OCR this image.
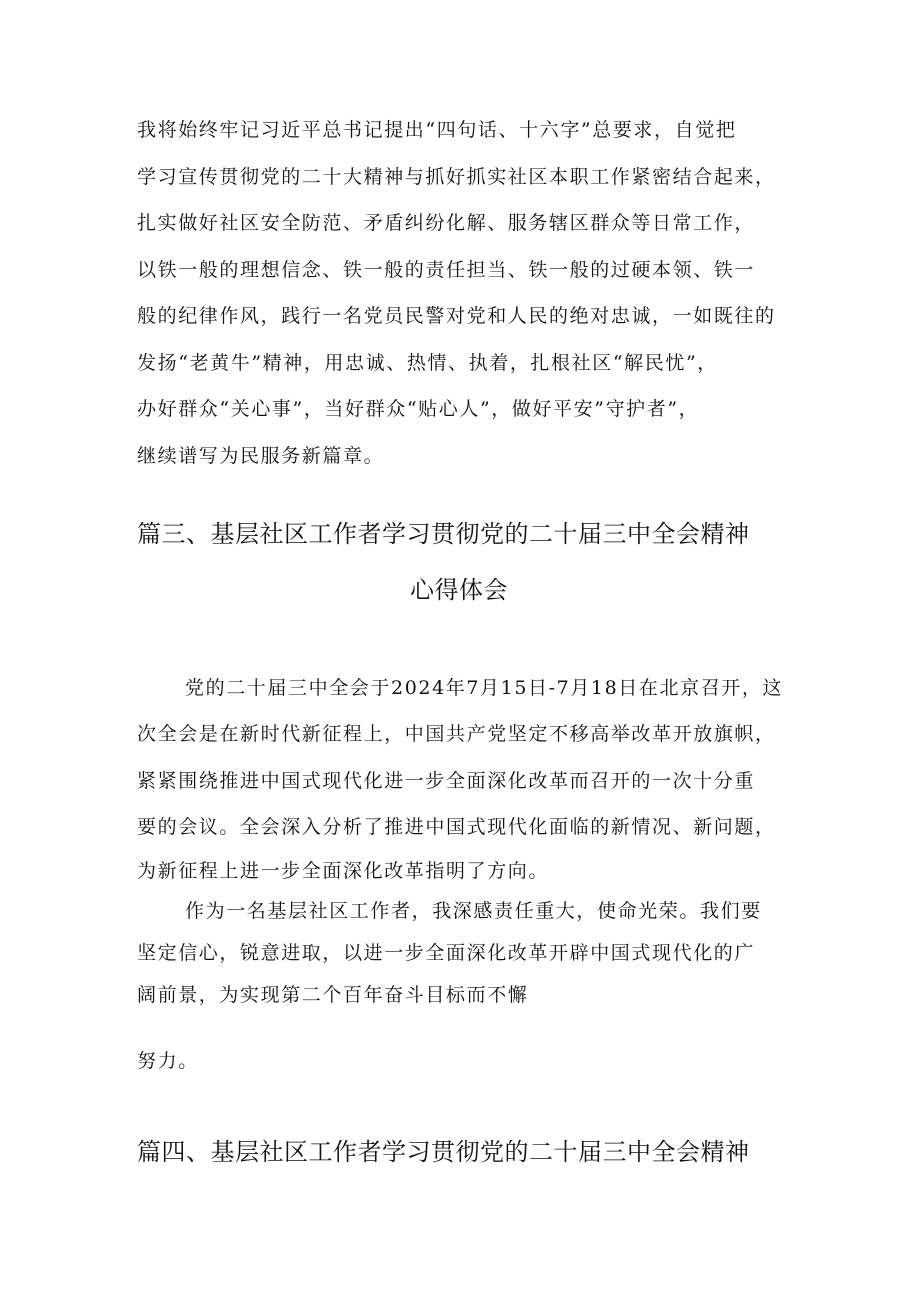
我将始终牢记习近平总书记提出“四句话、十六字”总要求，自觉把
学习宣传贯彻党的二十大精神与抓好抓实社区本职工作紧密结合起来，
扎实做好社区安全防范、矛盾纠纷化解、服务辖区群众等日常工作，
以铁一般的理想信念、铁一般的责任担当、铁一般的过硬本领、铁一
般的纪律作风，践行一名党员民警对党和人民的绝对忠诚，一如既往的
发扬“老黄牛”精神，用忠诚、热情、执着，扎根社区“解民忧”，
办好群众“关心事”，当好群众“贴心人”，做好平安”守护者”，
继续谱写为民服务新篇章。
篇三、基层社区工作者学习贯彻党的二十届三中全会精神
心得体会
党的二十届三中全会于2024年7月15日-7月18日在北京召开，这
次全会是在新时代新征程上，中国共产党坚定不移高举改革开放旗帜，
紧紧围绕推进中国式现代化进一步全面深化改革而召开的一次十分重
要的会议。全会深入分析了推进中国式现代化面临的新情况、新问题，
为新征程上进一步全面深化改革指明了方向。
作为一名基层社区工作者，我深感责任重大，使命光荣。我们要
坚定信心，锐意进取，以进一步全面深化改革开辟中国式现代化的广
阔前景，为实现第二个百年奋斗目标而不懈
努力。
篇四、基层社区工作者学习贯彻党的二十届三中全会精神
